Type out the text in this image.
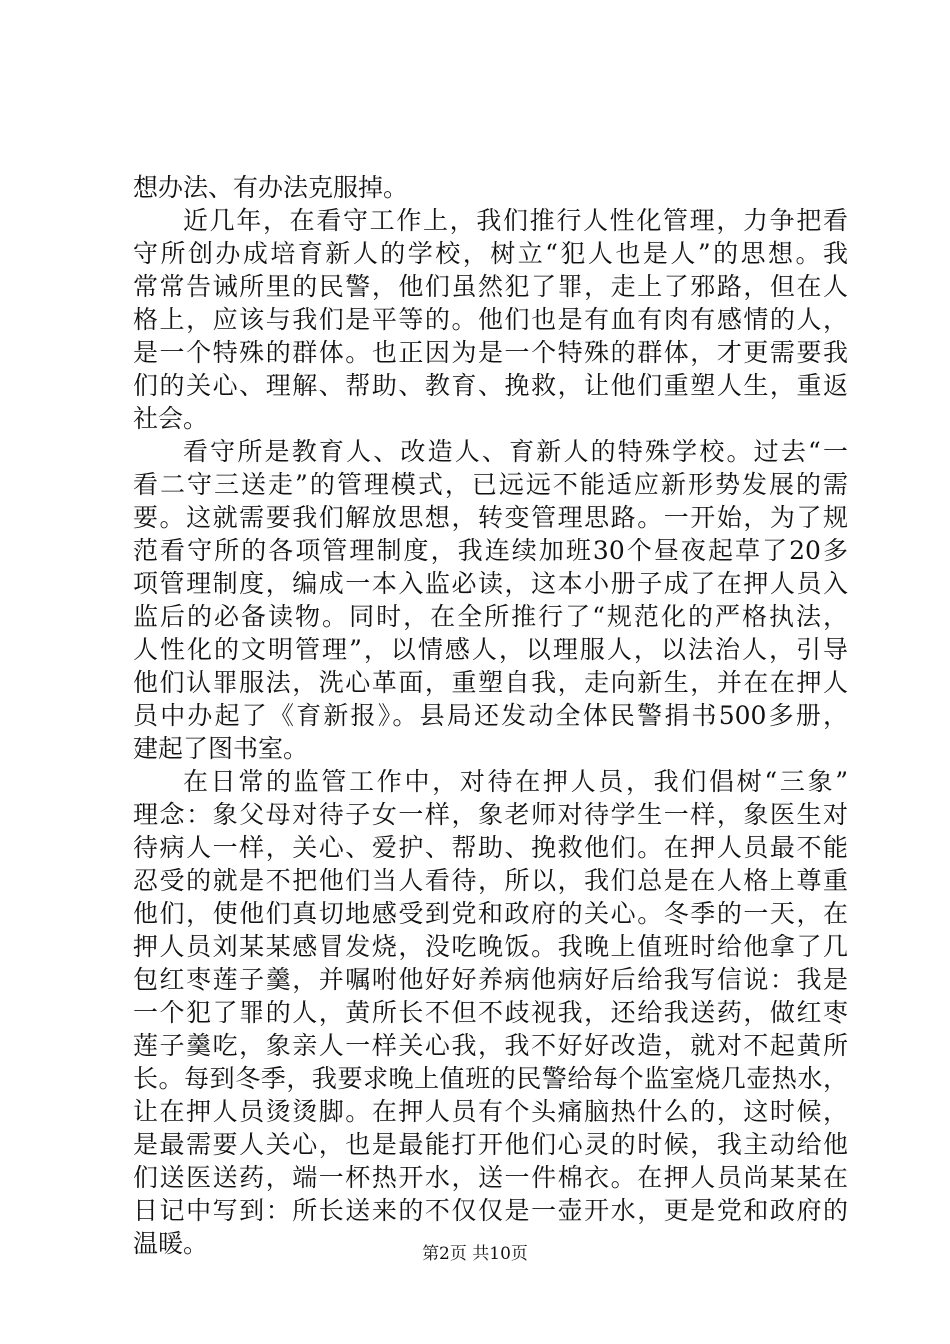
想办法、有办法克服掉。
近几年，在看守工作上，我们推行人性化管理，力争把看
守所创办成培育新人的学校，树立“犯人也是人”的思想。我
常常告诫所里的民警，他们虽然犯了罪，走上了邪路，但在人
格上，应该与我们是平等的。他们也是有血有肉有感情的人，
是一个特殊的群体。也正因为是一个特殊的群体，才更需要我
们的关心、理解、帮助、教育、挽救，让他们重塑人生，重返
社会。
看守所是教育人、改造人、育新人的特殊学校。过去“一
看二守三送走”的管理模式，已远远不能适应新形势发展的需
要。这就需要我们解放思想，转变管理思路。一开始，为了规
范看守所的各项管理制度，我连续加班30个昼夜起草了20多
项管理制度，编成一本入监必读，这本小册子成了在押人员入
监后的必备读物。同时，在全所推行了“规范化的严格执法，
人性化的文明管理”，以情感人，以理服人，以法治人，引导
他们认罪服法，洗心革面，重塑自我，走向新生，并在在押人
员中办起了《育新报》。县局还发动全体民警捐书500多册，
建起了图书室。
在日常的监管工作中，对待在押人员，我们倡树“三象”
理念：象父母对待子女一样，象老师对待学生一样，象医生对
待病人一样，关心、爱护、帮助、挽救他们。在押人员最不能
忍受的就是不把他们当人看待，所以，我们总是在人格上尊重
他们，使他们真切地感受到党和政府的关心。冬季的一天，在
押人员刘某某感冒发烧，没吃晚饭。我晚上值班时给他拿了几
包红枣莲子羹，并嘱咐他好好养病他病好后给我写信说：我是
一个犯了罪的人，黄所长不但不歧视我，还给我送药，做红枣
莲子羹吃，象亲人一样关心我，我不好好改造，就对不起黄所
长。每到冬季，我要求晚上值班的民警给每个监室烧几壶热水，
让在押人员烫烫脚。在押人员有个头痛脑热什么的，这时候，
是最需要人关心，也是最能打开他们心灵的时候，我主动给他
们送医送药，端一杯热开水，送一件棉衣。在押人员尚某某在
日记中写到：所长送来的不仅仅是一壶开水，更是党和政府的
温暖。	第2页 共10页
